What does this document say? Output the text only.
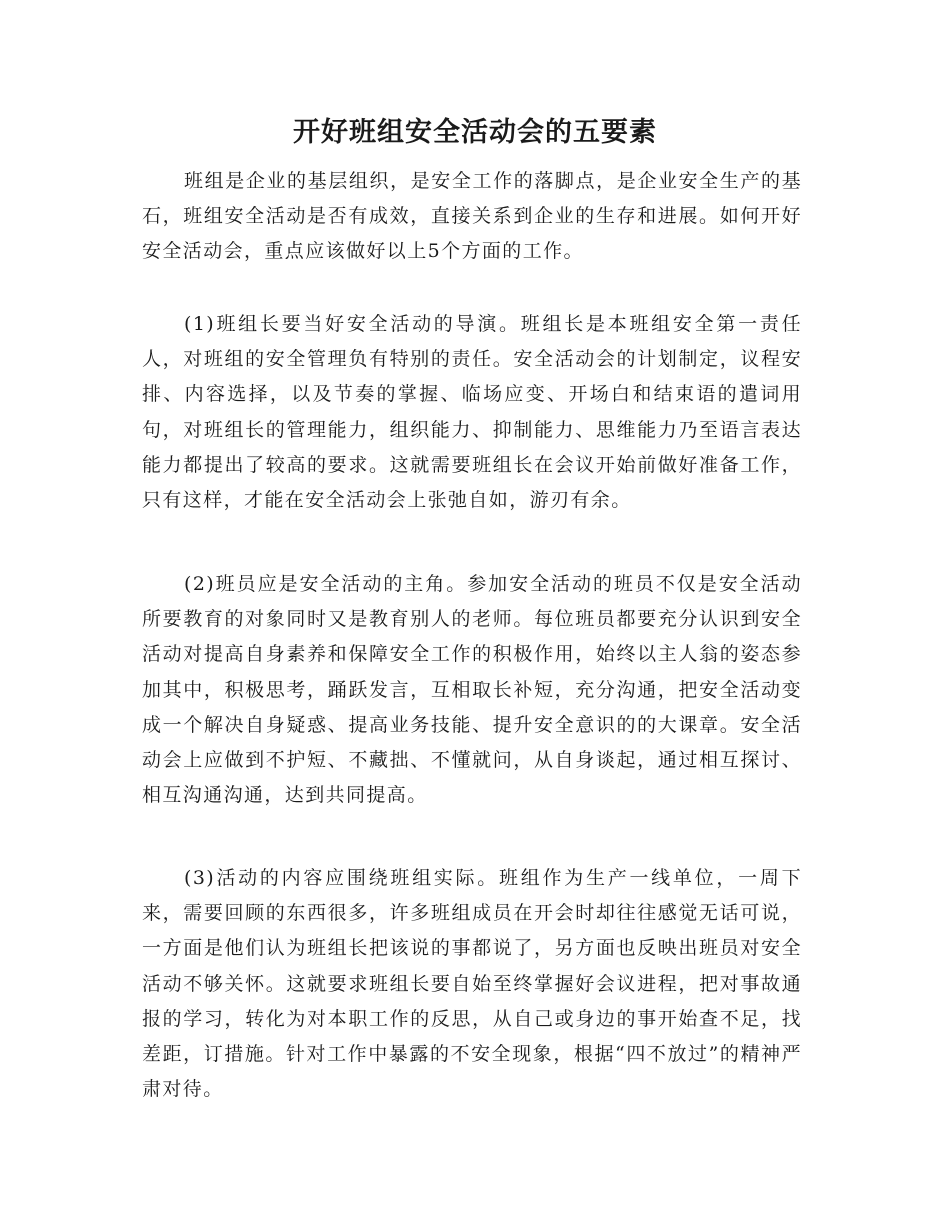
开好班组安全活动会的五要素

班组是企业的基层组织，是安全工作的落脚点，是企业安全生产的基石，班组安全活动是否有成效，直接关系到企业的生存和进展。如何开好安全活动会，重点应该做好以上5个方面的工作。

(1)班组长要当好安全活动的导演。班组长是本班组安全第一责任人，对班组的安全管理负有特别的责任。安全活动会的计划制定，议程安排、内容选择，以及节奏的掌握、临场应变、开场白和结束语的遣词用句，对班组长的管理能力，组织能力、抑制能力、思维能力乃至语言表达能力都提出了较高的要求。这就需要班组长在会议开始前做好准备工作，只有这样，才能在安全活动会上张弛自如，游刃有余。

(2)班员应是安全活动的主角。参加安全活动的班员不仅是安全活动所要教育的对象同时又是教育别人的老师。每位班员都要充分认识到安全活动对提高自身素养和保障安全工作的积极作用，始终以主人翁的姿态参加其中，积极思考，踊跃发言，互相取长补短，充分沟通，把安全活动变成一个解决自身疑惑、提高业务技能、提升安全意识的的大课章。安全活动会上应做到不护短、不藏拙、不懂就问，从自身谈起，通过相互探讨、相互沟通沟通，达到共同提高。

(3)活动的内容应围绕班组实际。班组作为生产一线单位，一周下来，需要回顾的东西很多，许多班组成员在开会时却往往感觉无话可说，一方面是他们认为班组长把该说的事都说了，另方面也反映出班员对安全活动不够关怀。这就要求班组长要自始至终掌握好会议进程，把对事故通报的学习，转化为对本职工作的反思，从自己或身边的事开始查不足，找差距，订措施。针对工作中暴露的不安全现象，根据“四不放过”的精神严肃对待。
